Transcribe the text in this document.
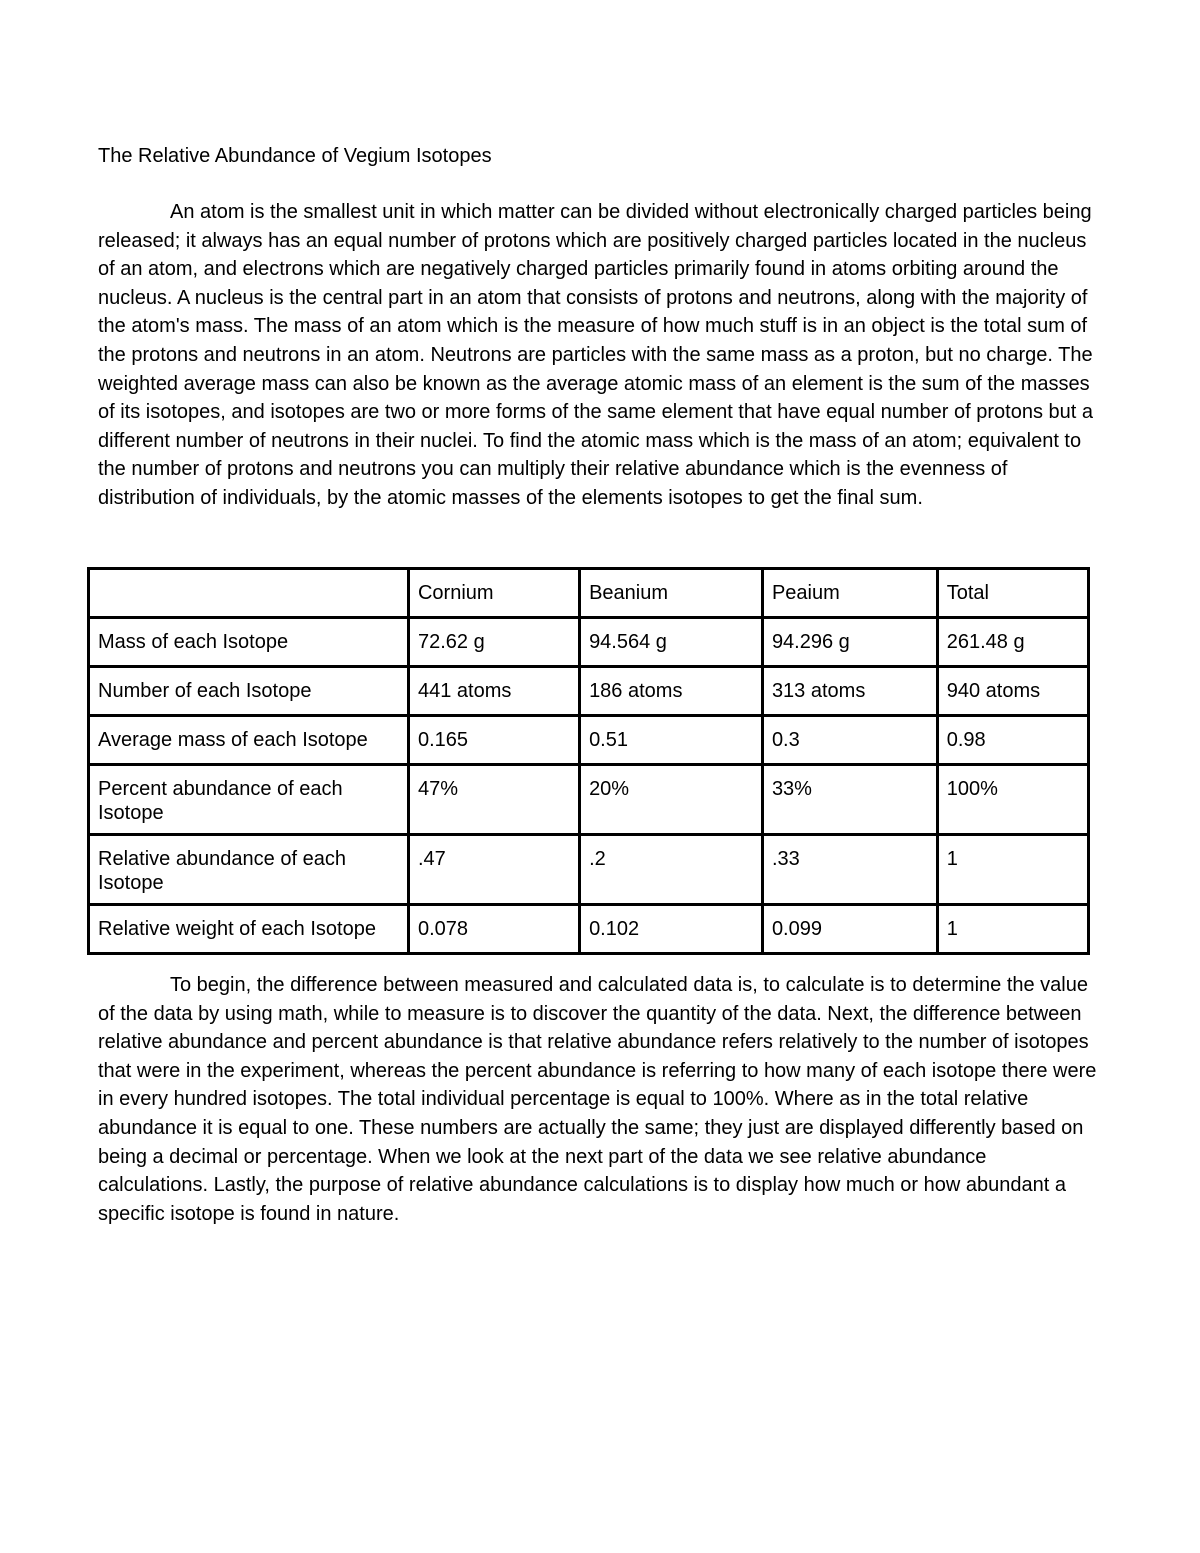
The Relative Abundance of Vegium Isotopes

An atom is the smallest unit in which matter can be divided without electronically charged particles being released; it always has an equal number of protons which are positively charged particles located in the nucleus of an atom, and electrons which are negatively charged particles primarily found in atoms orbiting around the nucleus. A nucleus is the central part in an atom that consists of protons and neutrons, along with the majority of the atom's mass. The mass of an atom which is the measure of how much stuff is in an object is the total sum of the protons and neutrons in an atom. Neutrons are particles with the same mass as a proton, but no charge. The weighted average mass can also be known as the average atomic mass of an element is the sum of the masses of its isotopes, and isotopes are two or more forms of the same element that have equal number of protons but a different number of neutrons in their nuclei. To find the atomic mass which is the mass of an atom; equivalent to the number of protons and neutrons you can multiply their relative abundance which is the evenness of distribution of individuals, by the atomic masses of the elements isotopes to get the final sum.

	Cornium	Beanium	Peaium	Total
Mass of each Isotope	72.62 g	94.564 g	94.296 g	261.48 g
Number of each Isotope	441 atoms	186 atoms	313 atoms	940 atoms
Average mass of each Isotope	0.165	0.51	0.3	0.98
Percent abundance of each Isotope	47%	20%	33%	100%
Relative abundance of each Isotope	.47	.2	.33	1
Relative weight of each Isotope	0.078	0.102	0.099	1

To begin, the difference between measured and calculated data is, to calculate is to determine the value of the data by using math, while to measure is to discover the quantity of the data. Next, the difference between relative abundance and percent abundance is that relative abundance refers relatively to the number of isotopes that were in the experiment, whereas the percent abundance is referring to how many of each isotope there were in every hundred isotopes. The total individual percentage is equal to 100%. Where as in the total relative abundance it is equal to one. These numbers are actually the same; they just are displayed differently based on being a decimal or percentage. When we look at the next part of the data we see relative abundance calculations. Lastly, the purpose of relative abundance calculations is to display how much or how abundant a specific isotope is found in nature.
